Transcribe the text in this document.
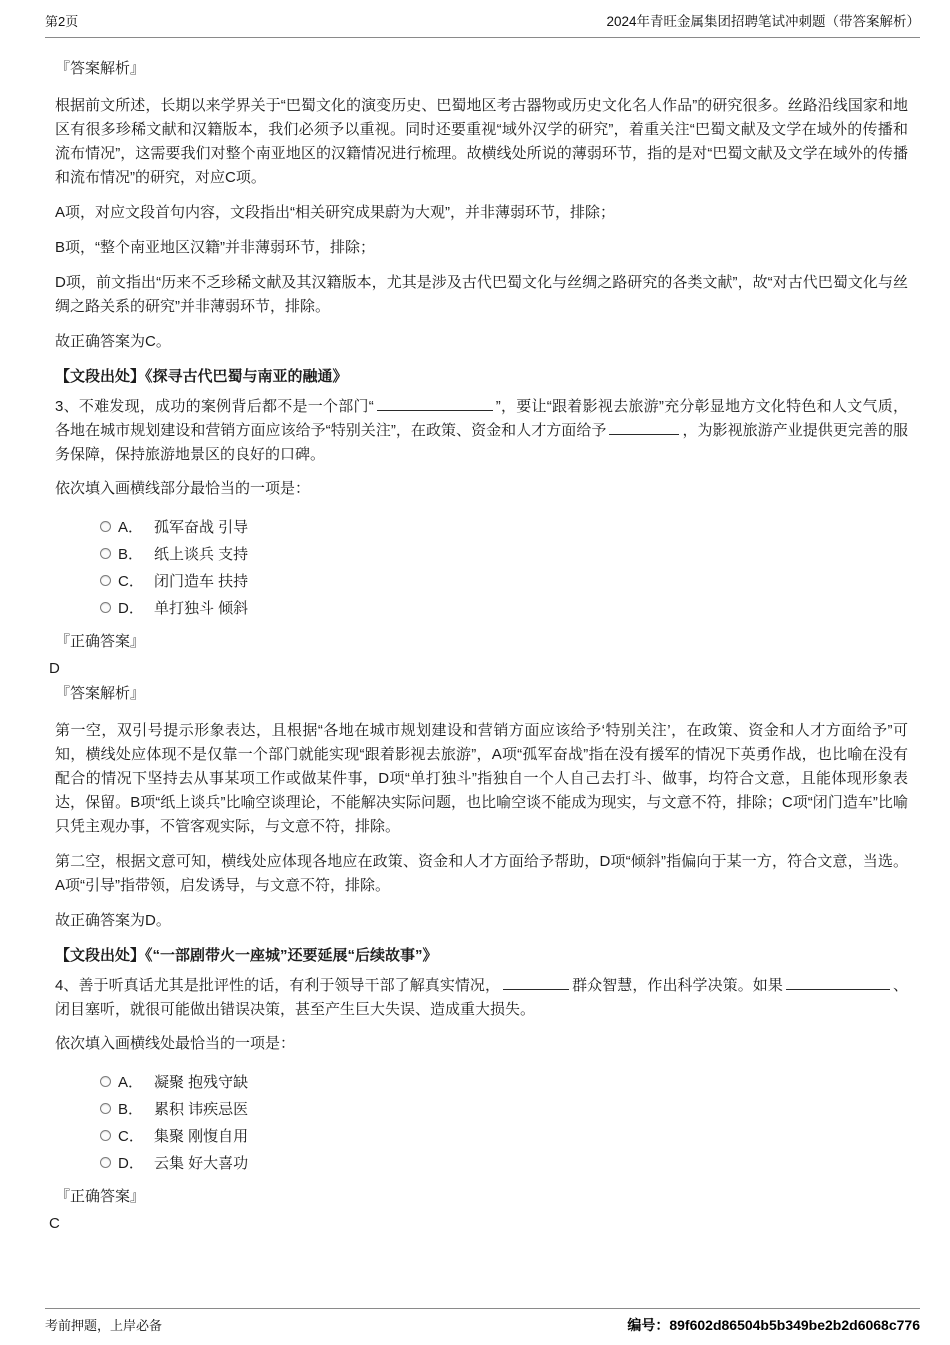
第2页	2024年青旺金属集团招聘笔试冲刺题（带答案解析）
『答案解析』

根据前文所述，长期以来学界关于“巴蜀文化的演变历史、巴蜀地区考古器物或历史文化名人作品”的研究很多。丝路沿线国家和地区有很多珍稀文献和汉籍版本，我们必须予以重视。同时还要重视“域外汉学的研究”，着重关注“巴蜀文献及文学在域外的传播和流布情况”，这需要我们对整个南亚地区的汉籍情况进行梳理。故横线处所说的薄弱环节，指的是对“巴蜀文献及文学在域外的传播和流布情况”的研究，对应C项。

A项，对应文段首句内容，文段指出“相关研究成果蔚为大观”，并非薄弱环节，排除；

B项，“整个南亚地区汉籍”并非薄弱环节，排除；

D项，前文指出“历来不乏珍稀文献及其汉籍版本，尤其是涉及古代巴蜀文化与丝绸之路研究的各类文献”，故“对古代巴蜀文化与丝绸之路关系的研究”并非薄弱环节，排除。

故正确答案为C。

【文段出处】《探寻古代巴蜀与南亚的融通》

3、不难发现，成功的案例背后都不是一个部门“	”，要让“跟着影视去旅游”充分彰显地方文化特色和人文气质，各地在城市规划建设和营销方面应该给予“特别关注”，在政策、资金和人才方面给予	，为影视旅游产业提供更完善的服务保障，保持旅游地景区的良好的口碑。

依次填入画横线部分最恰当的一项是：

A． 孤军奋战 引导
B． 纸上谈兵 支持
C． 闭门造车 扶持
D． 单打独斗 倾斜
『正确答案』
D
『答案解析』

第一空，双引号提示形象表达，且根据“各地在城市规划建设和营销方面应该给予‘特别关注’，在政策、资金和人才方面给予”可知，横线处应体现不是仅靠一个部门就能实现“跟着影视去旅游”，A项“孤军奋战”指在没有援军的情况下英勇作战，也比喻在没有配合的情况下坚持去从事某项工作或做某件事，D项“单打独斗”指独自一个人自己去打斗、做事，均符合文意，且能体现形象表达，保留。B项“纸上谈兵”比喻空谈理论，不能解决实际问题，也比喻空谈不能成为现实，与文意不符，排除；C项“闭门造车”比喻只凭主观办事，不管客观实际，与文意不符，排除。

第二空，根据文意可知，横线处应体现各地应在政策、资金和人才方面给予帮助，D项“倾斜”指偏向于某一方，符合文意，当选。A项“引导”指带领，启发诱导，与文意不符，排除。

故正确答案为D。

【文段出处】《“一部剧带火一座城”还要延展“后续故事”》

4、善于听真话尤其是批评性的话，有利于领导干部了解真实情况，	群众智慧，作出科学决策。如果	、闭目塞听，就很可能做出错误决策，甚至产生巨大失误、造成重大损失。

依次填入画横线处最恰当的一项是：

A． 凝聚 抱残守缺
B． 累积 讳疾忌医
C． 集聚 刚愎自用
D． 云集 好大喜功
『正确答案』
C
考前押题，上岸必备	编号：89f602d86504b5b349be2b2d6068c776
